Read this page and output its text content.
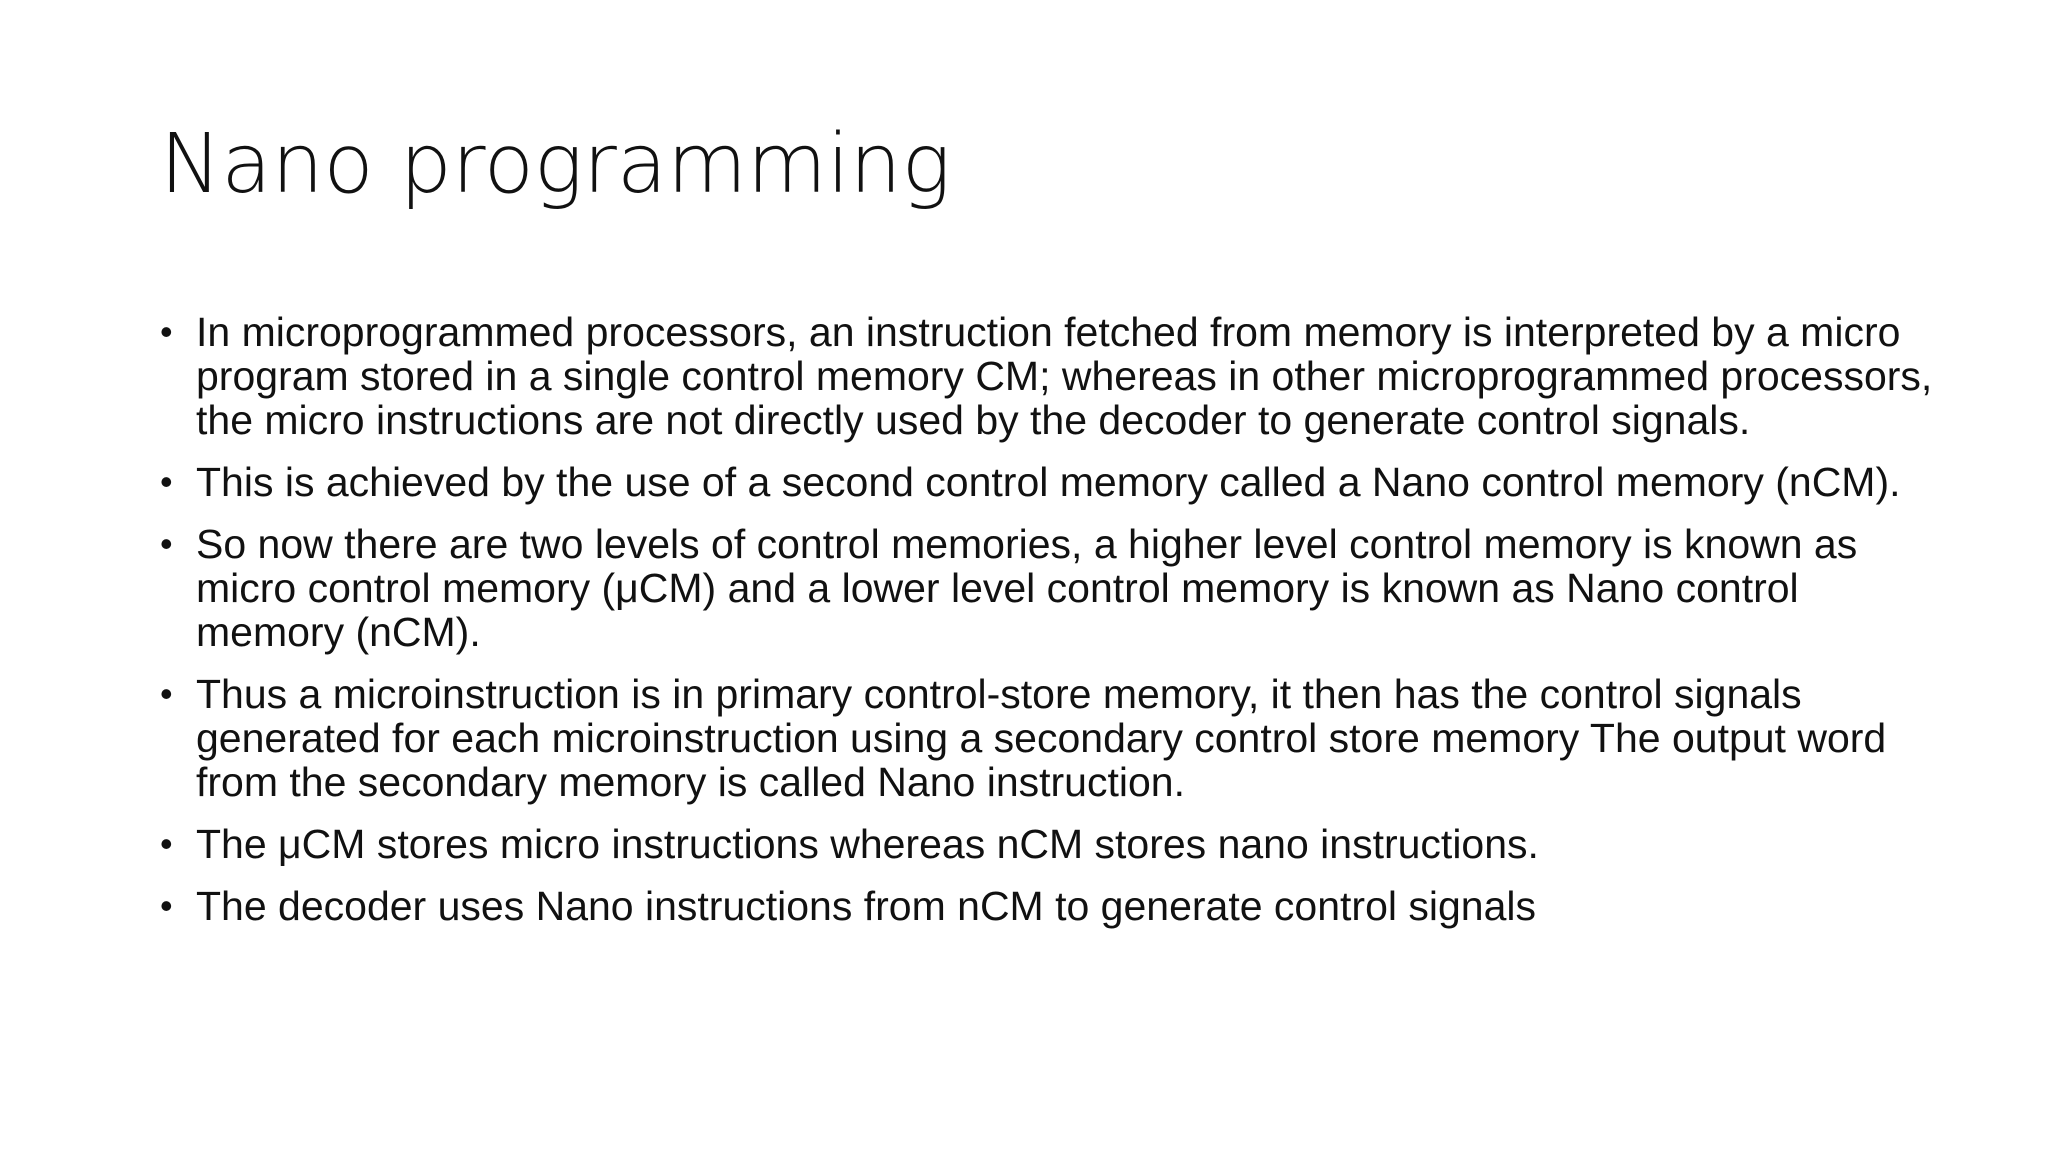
Nano programming
• In microprogrammed processors, an instruction fetched from memory is interpreted by a micro program stored in a single control memory CM; whereas in other microprogrammed processors, the micro instructions are not directly used by the decoder to generate control signals.
• This is achieved by the use of a second control memory called a Nano control memory (nCM).
• So now there are two levels of control memories, a higher level control memory is known as micro control memory (μCM) and a lower level control memory is known as Nano control memory (nCM).
• Thus a microinstruction is in primary control-store memory, it then has the control signals generated for each microinstruction using a secondary control store memory The output word from the secondary memory is called Nano instruction.
• The μCM stores micro instructions whereas nCM stores nano instructions.
• The decoder uses Nano instructions from nCM to generate control signals
